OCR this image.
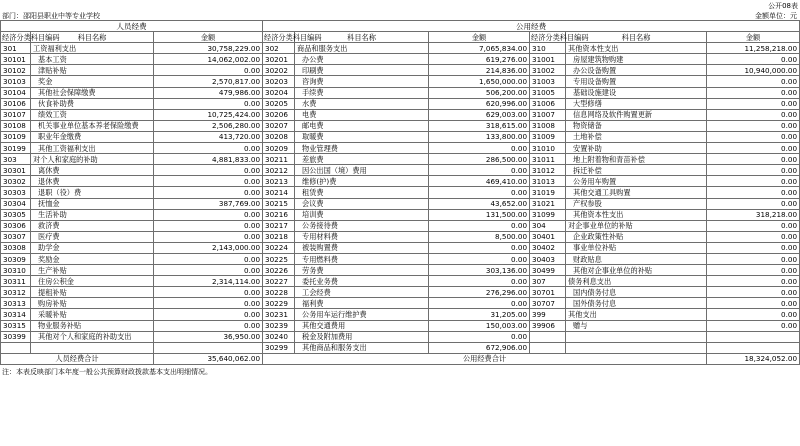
部门：邵阳县职业中等专业学校
公开08表
金额单位：元
人员经费			公用经费					
经济分类科目编码	科目名称	金额	经济分类科目编码	科目名称	金额	经济分类科目编码	科目名称	金额
301	工资福利支出	30,758,229.00	302	商品和服务支出	7,065,834.00	310	其他资本性支出	11,258,218.00
30101	基本工资	14,062,002.00	30201	办公费	619,276.00	31001	房屋建筑物购建	0.00
30102	津贴补贴	0.00	30202	印刷费	214,836.00	31002	办公设备购置	10,940,000.00
30103	奖金	2,570,817.00	30203	咨询费	1,650,000.00	31003	专用设备购置	0.00
30104	其他社会保障缴费	479,986.00	30204	手续费	506,200.00	31005	基础设施建设	0.00
30106	伙食补助费	0.00	30205	水费	620,996.00	31006	大型修缮	0.00
30107	绩效工资	10,725,424.00	30206	电费	629,003.00	31007	信息网络及软件购置更新	0.00
30108	机关事业单位基本养老保险缴费	2,506,280.00	30207	邮电费	318,615.00	31008	物资储备	0.00
30109	职业年金缴费	413,720.00	30208	取暖费	133,800.00	31009	土地补偿	0.00
30199	其他工资福利支出	0.00	30209	物业管理费	0.00	31010	安置补助	0.00
303	对个人和家庭的补助	4,881,833.00	30211	差旅费	286,500.00	31011	地上附着物和青苗补偿	0.00
30301	离休费	0.00	30212	因公出国（境）费用	0.00	31012	拆迁补偿	0.00
30302	退休费	0.00	30213	维修(护)费	469,410.00	31013	公务用车购置	0.00
30303	退职（役）费	0.00	30214	租赁费	0.00	31019	其他交通工具购置	0.00
30304	抚恤金	387,769.00	30215	会议费	43,652.00	31021	产权参股	0.00
30305	生活补助	0.00	30216	培训费	131,500.00	31099	其他资本性支出	318,218.00
30306	救济费	0.00	30217	公务接待费	0.00	304	对企事业单位的补贴	0.00
30307	医疗费	0.00	30218	专用材料费	8,500.00	30401	企业政策性补贴	0.00
30308	助学金	2,143,000.00	30224	被装购置费	0.00	30402	事业单位补贴	0.00
30309	奖励金	0.00	30225	专用燃料费	0.00	30403	财政贴息	0.00
30310	生产补贴	0.00	30226	劳务费	303,136.00	30499	其他对企事业单位的补贴	0.00
30311	住房公积金	2,314,114.00	30227	委托业务费	0.00	307	债务利息支出	0.00
30312	提租补贴	0.00	30228	工会经费	276,296.00	30701	国内债务付息	0.00
30313	购房补贴	0.00	30229	福利费	0.00	30707	国外债务付息	0.00
30314	采暖补贴	0.00	30231	公务用车运行维护费	31,205.00	399	其他支出	0.00
30315	物业服务补贴	0.00	30239	其他交通费用	150,003.00	39906	赠与	0.00
30399	其他对个人和家庭的补助支出	36,950.00	30240	税金及附加费用	0.00			
			30299	其他商品和服务支出	672,906.00			
人员经费合计		35,640,062.00	公用经费合计					18,324,052.00
注：本表反映部门本年度一般公共预算财政拨款基本支出明细情况。
